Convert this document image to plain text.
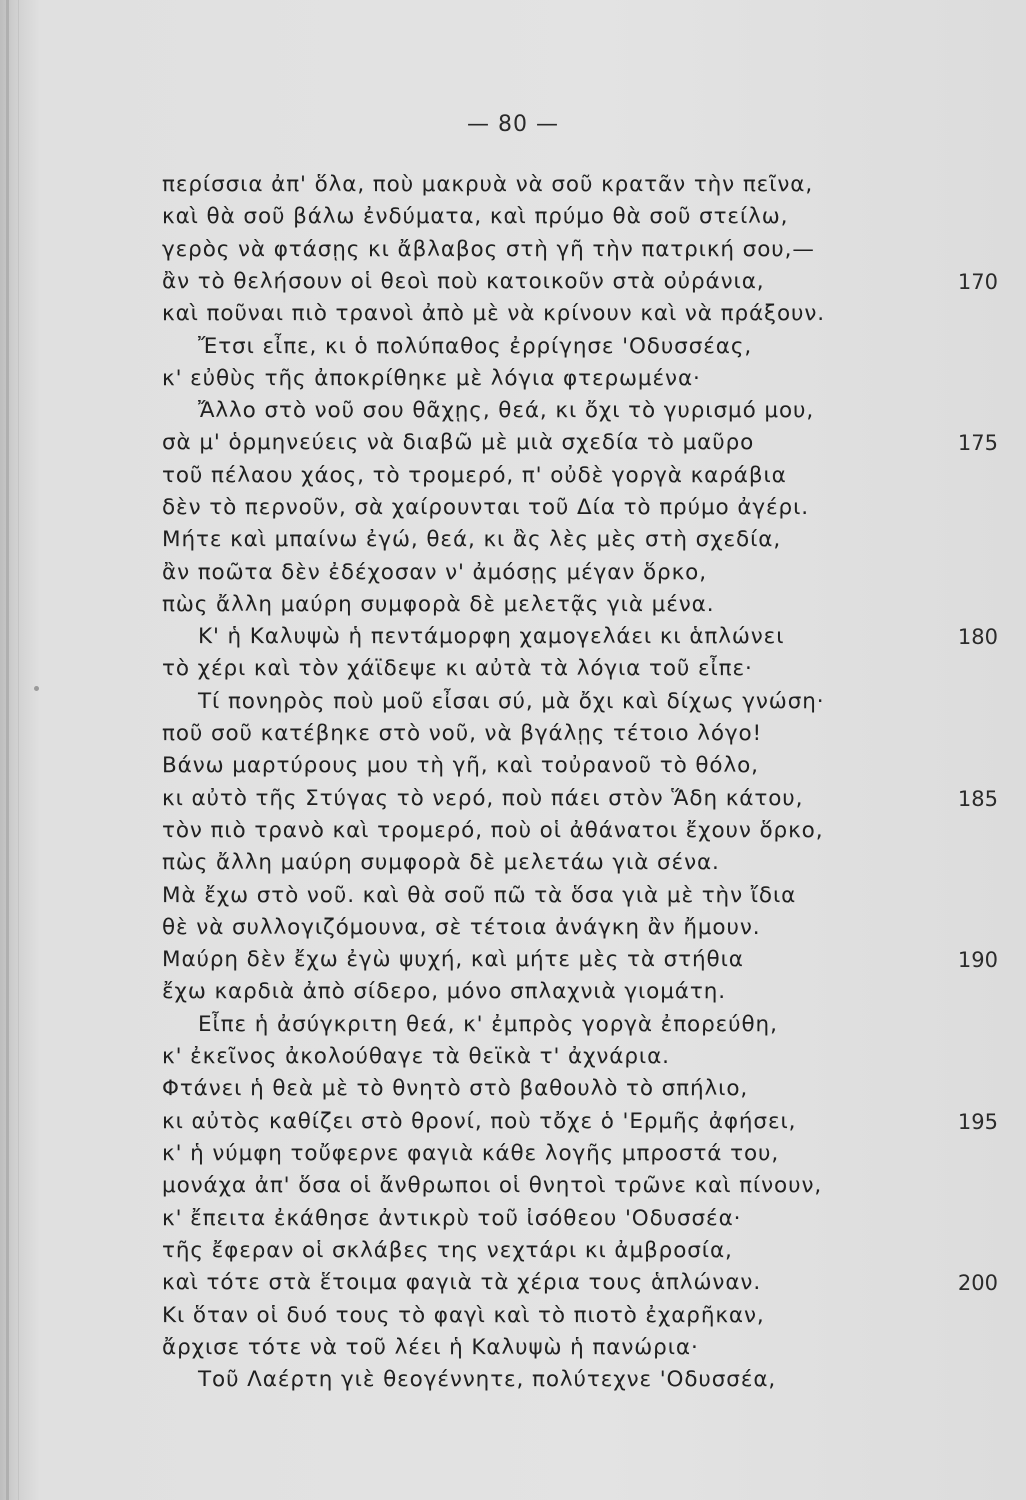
— 80 —
περίσσια ἀπ' ὅλα, ποὺ μακρυὰ νὰ σοῦ κρατᾶν τὴν πεῖνα,
καὶ θὰ σοῦ βάλω ἐνδύματα, καὶ πρύμο θὰ σοῦ στείλω,
γερὸς νὰ φτάσῃς κι ἄβλαβος στὴ γῆ τὴν πατρική σου,—
ἂν τὸ θελήσουν οἱ θεοὶ ποὺ κατοικοῦν στὰ οὐράνια,	170
καὶ ποῦναι πιὸ τρανοὶ ἀπὸ μὲ νὰ κρίνουν καὶ νὰ πράξουν.
Ἔτσι εἶπε, κι ὁ πολύπαθος ἐρρίγησε 'Οδυσσέας,
κ' εὐθὺς τῆς ἀποκρίθηκε μὲ λόγια φτερωμένα·
Ἄλλο στὸ νοῦ σου θᾶχῃς, θεά, κι ὄχι τὸ γυρισμό μου,
σὰ μ' ὁρμηνεύεις νὰ διαβῶ μὲ μιὰ σχεδία τὸ μαῦρο	175
τοῦ πέλαου χάος, τὸ τρομερό, π' οὐδὲ γοργὰ καράβια
δὲν τὸ περνοῦν, σὰ χαίρουνται τοῦ Δία τὸ πρύμο ἀγέρι.
Μήτε καὶ μπαίνω ἐγώ, θεά, κι ἂς λὲς μὲς στὴ σχεδία,
ἂν ποῶτα δὲν ἐδέχοσαν ν' ἀμόσῃς μέγαν ὅρκο,
πὼς ἄλλη μαύρη συμφορὰ δὲ μελετᾷς γιὰ μένα.
Κ' ἡ Καλυψὼ ἡ πεντάμορφη χαμογελάει κι ἁπλώνει	180
τὸ χέρι καὶ τὸν χάϊδεψε κι αὐτὰ τὰ λόγια τοῦ εἶπε·
Τί πονηρὸς ποὺ μοῦ εἶσαι σύ, μὰ ὄχι καὶ δίχως γνώση·
ποῦ σοῦ κατέβηκε στὸ νοῦ, νὰ βγάλῃς τέτοιο λόγο!
Βάνω μαρτύρους μου τὴ γῆ, καὶ τοὐρανοῦ τὸ θόλο,
κι αὐτὸ τῆς Στύγας τὸ νερό, ποὺ πάει στὸν Ἅδη κάτου,	185
τὸν πιὸ τρανὸ καὶ τρομερό, ποὺ οἱ ἀθάνατοι ἔχουν ὅρκο,
πὼς ἄλλη μαύρη συμφορὰ δὲ μελετάω γιὰ σένα.
Μὰ ἔχω στὸ νοῦ. καὶ θὰ σοῦ πῶ τὰ ὅσα γιὰ μὲ τὴν ἴδια
θὲ νὰ συλλογιζόμουνα, σὲ τέτοια ἀνάγκη ἂν ἤμουν.
Μαύρη δὲν ἔχω ἐγὼ ψυχή, καὶ μήτε μὲς τὰ στήθια	190
ἔχω καρδιὰ ἀπὸ σίδερο, μόνο σπλαχνιὰ γιομάτη.
Εἶπε ἡ ἀσύγκριτη θεά, κ' ἐμπρὸς γοργὰ ἐπορεύθη,
κ' ἐκεῖνος ἀκολούθαγε τὰ θεϊκὰ τ' ἀχνάρια.
Φτάνει ἡ θεὰ μὲ τὸ θνητὸ στὸ βαθουλὸ τὸ σπήλιο,
κι αὐτὸς καθίζει στὸ θρονί, ποὺ τὄχε ὁ 'Ερμῆς ἀφήσει,	195
κ' ἡ νύμφη τοὔφερνε φαγιὰ κάθε λογῆς μπροστά του,
μονάχα ἀπ' ὅσα οἱ ἄνθρωποι οἱ θνητοὶ τρῶνε καὶ πίνουν,
κ' ἔπειτα ἐκάθησε ἀντικρὺ τοῦ ἰσόθεου 'Οδυσσέα·
τῆς ἔφεραν οἱ σκλάβες της νεχτάρι κι ἀμβροσία,
καὶ τότε στὰ ἕτοιμα φαγιὰ τὰ χέρια τους ἁπλώναν.	200
Κι ὅταν οἱ δυό τους τὸ φαγὶ καὶ τὸ πιοτὸ ἐχαρῆκαν,
ἄρχισε τότε νὰ τοῦ λέει ἡ Καλυψὼ ἡ πανώρια·
Τοῦ Λαέρτη γιὲ θεογέννητε, πολύτεχνε 'Οδυσσέα,
